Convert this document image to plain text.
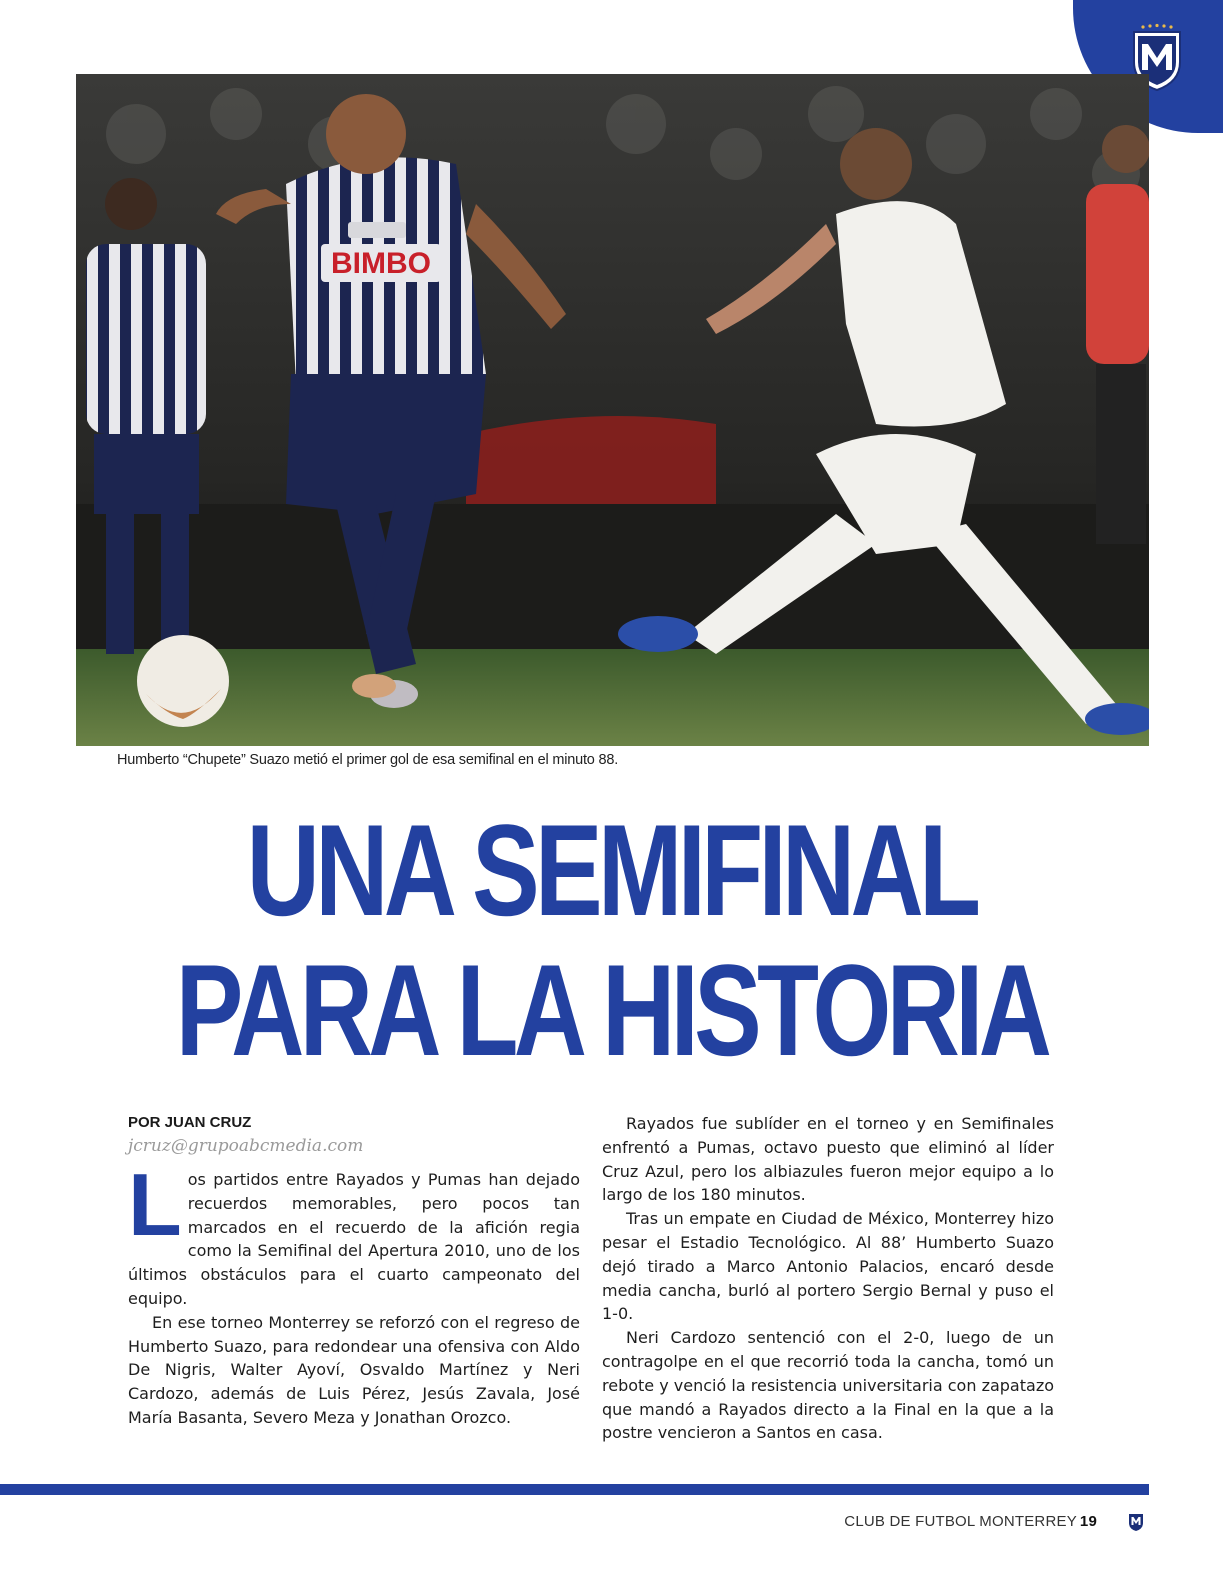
BIMBO
Humberto “Chupete” Suazo metió el primer gol de esa semifinal en el minuto 88.
UNA SEMIFINAL
PARA LA HISTORIA
POR JUAN CRUZ
jcruz@grupoabcmedia.com

Los partidos entre Rayados y Pumas han dejado recuerdos memorables, pero pocos tan marcados en el recuerdo de la afición regia como la Semifinal del Apertura 2010, uno de los últimos obstáculos para el cuarto campeonato del equipo.

En ese torneo Monterrey se reforzó con el regreso de Humberto Suazo, para redondear una ofensiva con Aldo De Nigris, Walter Ayoví, Osvaldo Martínez y Neri Cardozo, además de Luis Pérez, Jesús Zavala, José María Basanta, Severo Meza y Jonathan Orozco.

Rayados fue sublíder en el torneo y en Semifinales enfrentó a Pumas, octavo puesto que eliminó al líder Cruz Azul, pero los albiazules fueron mejor equipo a lo largo de los 180 minutos.

Tras un empate en Ciudad de México, Monterrey hizo pesar el Estadio Tecnológico. Al 88’ Humberto Suazo dejó tirado a Marco Antonio Palacios, encaró desde media cancha, burló al portero Sergio Bernal y puso el 1-0.

Neri Cardozo sentenció con el 2-0, luego de un contragolpe en el que recorrió toda la cancha, tomó un rebote y venció la resistencia universitaria con zapatazo que mandó a Rayados directo a la Final en la que a la postre vencieron a Santos en casa.

CLUB DE FUTBOL MONTERREY 19
